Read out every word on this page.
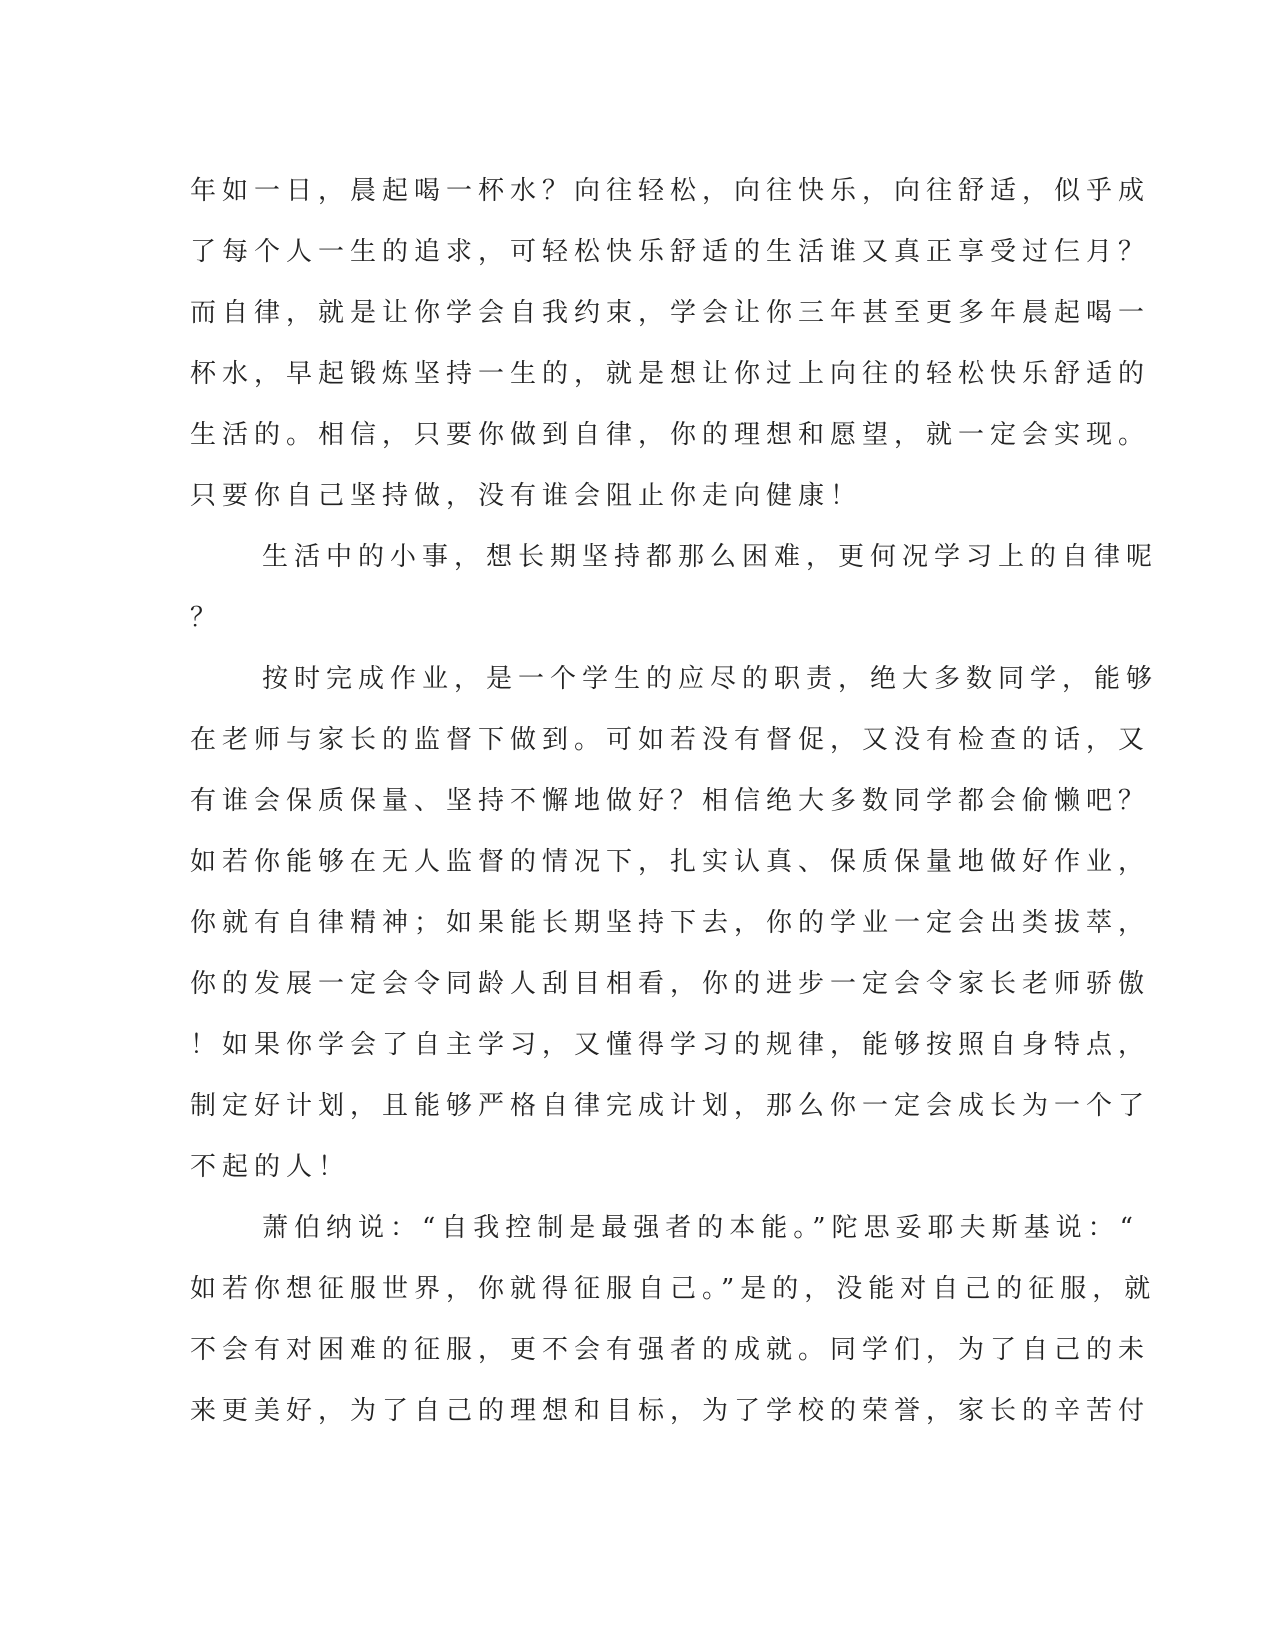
年如一日，晨起喝一杯水？向往轻松，向往快乐，向往舒适，似乎成
了每个人一生的追求，可轻松快乐舒适的生活谁又真正享受过仨月？
而自律，就是让你学会自我约束，学会让你三年甚至更多年晨起喝一
杯水，早起锻炼坚持一生的，就是想让你过上向往的轻松快乐舒适的
生活的。相信，只要你做到自律，你的理想和愿望，就一定会实现。
只要你自己坚持做，没有谁会阻止你走向健康！
生活中的小事，想长期坚持都那么困难，更何况学习上的自律呢
？
按时完成作业，是一个学生的应尽的职责，绝大多数同学，能够
在老师与家长的监督下做到。可如若没有督促，又没有检查的话，又
有谁会保质保量、坚持不懈地做好？相信绝大多数同学都会偷懒吧？
如若你能够在无人监督的情况下，扎实认真、保质保量地做好作业，
你就有自律精神；如果能长期坚持下去，你的学业一定会出类拔萃，
你的发展一定会令同龄人刮目相看，你的进步一定会令家长老师骄傲
！如果你学会了自主学习，又懂得学习的规律，能够按照自身特点，
制定好计划，且能够严格自律完成计划，那么你一定会成长为一个了
不起的人！
萧伯纳说：“自我控制是最强者的本能。”陀思妥耶夫斯基说：“
如若你想征服世界，你就得征服自己。”是的，没能对自己的征服，就
不会有对困难的征服，更不会有强者的成就。同学们，为了自己的未
来更美好，为了自己的理想和目标，为了学校的荣誉，家长的辛苦付
